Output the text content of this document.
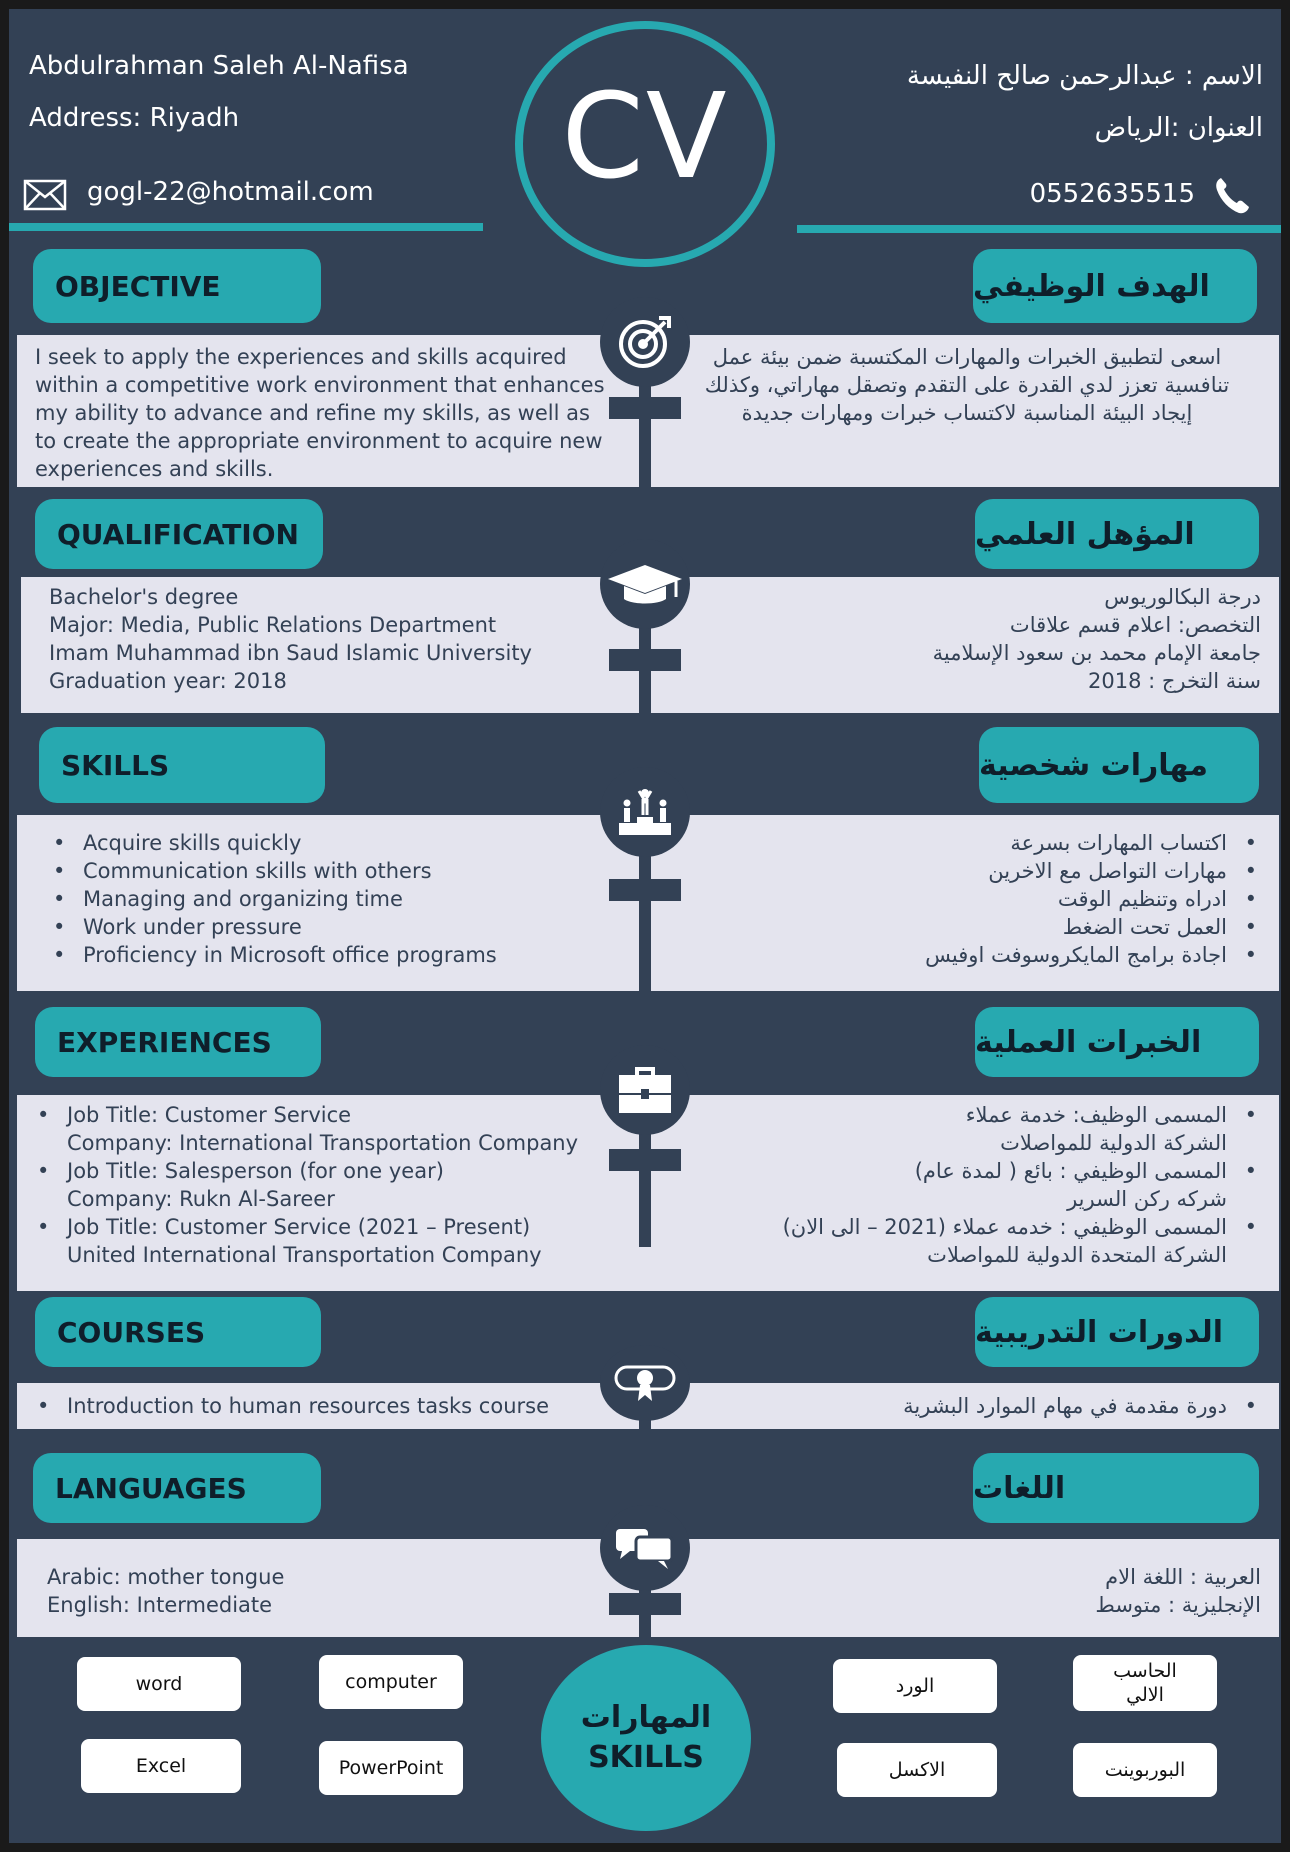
Abdulrahman Saleh Al-Nafisa
Address: Riyadh
gogl-22@hotmail.com
الاسم : عبدالرحمن صالح النفيسة
العنوان :الرياض
0552635515
CV
OBJECTIVE	الهدف الوظيفي
I seek to apply the experiences and skills acquired within a competitive work environment that enhances my ability to advance and refine my skills, as well as to create the appropriate environment to acquire new experiences and skills.
اسعى لتطبيق الخبرات والمهارات المكتسبة ضمن بيئة عمل تنافسية تعزز لدي القدرة على التقدم وتصقل مهاراتي، وكذلك إيجاد البيئة المناسبة لاكتساب خبرات ومهارات جديدة
QUALIFICATION	المؤهل العلمي
Bachelor's degree
Major: Media, Public Relations Department
Imam Muhammad ibn Saud Islamic University
Graduation year: 2018
درجة البكالوريوس
التخصص: اعلام قسم علاقات
جامعة الإمام محمد بن سعود الإسلامية
سنة التخرج : 2018
SKILLS	مهارات شخصية
• Acquire skills quickly
• Communication skills with others
• Managing and organizing time
• Work under pressure
• Proficiency in Microsoft office programs
• اكتساب المهارات بسرعة
• مهارات التواصل مع الاخرين
• ادراه وتنظيم الوقت
• العمل تحت الضغط
• اجادة برامج المايكروسوفت اوفيس
EXPERIENCES	الخبرات العملية
• Job Title: Customer Service
Company: International Transportation Company
• Job Title: Salesperson (for one year)
Company: Rukn Al-Sareer
• Job Title: Customer Service (2021 – Present)
United International Transportation Company
• المسمى الوظيف: خدمة عملاء
الشركة الدولية للمواصلات
• المسمى الوظيفي : بائع ( لمدة عام)
شركه ركن السرير
• المسمى الوظيفي : خدمه عملاء (2021 – الى الان)
الشركة المتحدة الدولية للمواصلات
COURSES	الدورات التدريبية
• Introduction to human resources tasks course
•	دورة مقدمة في مهام الموارد البشرية
LANGUAGES	اللغات
Arabic: mother tongue
English: Intermediate
العربية : اللغة الام
الإنجليزية : متوسط
word	computer
Excel	PowerPoint
المهارات
SKILLS
الورد
الحاسب الالي
الاكسل	البوربوينت
